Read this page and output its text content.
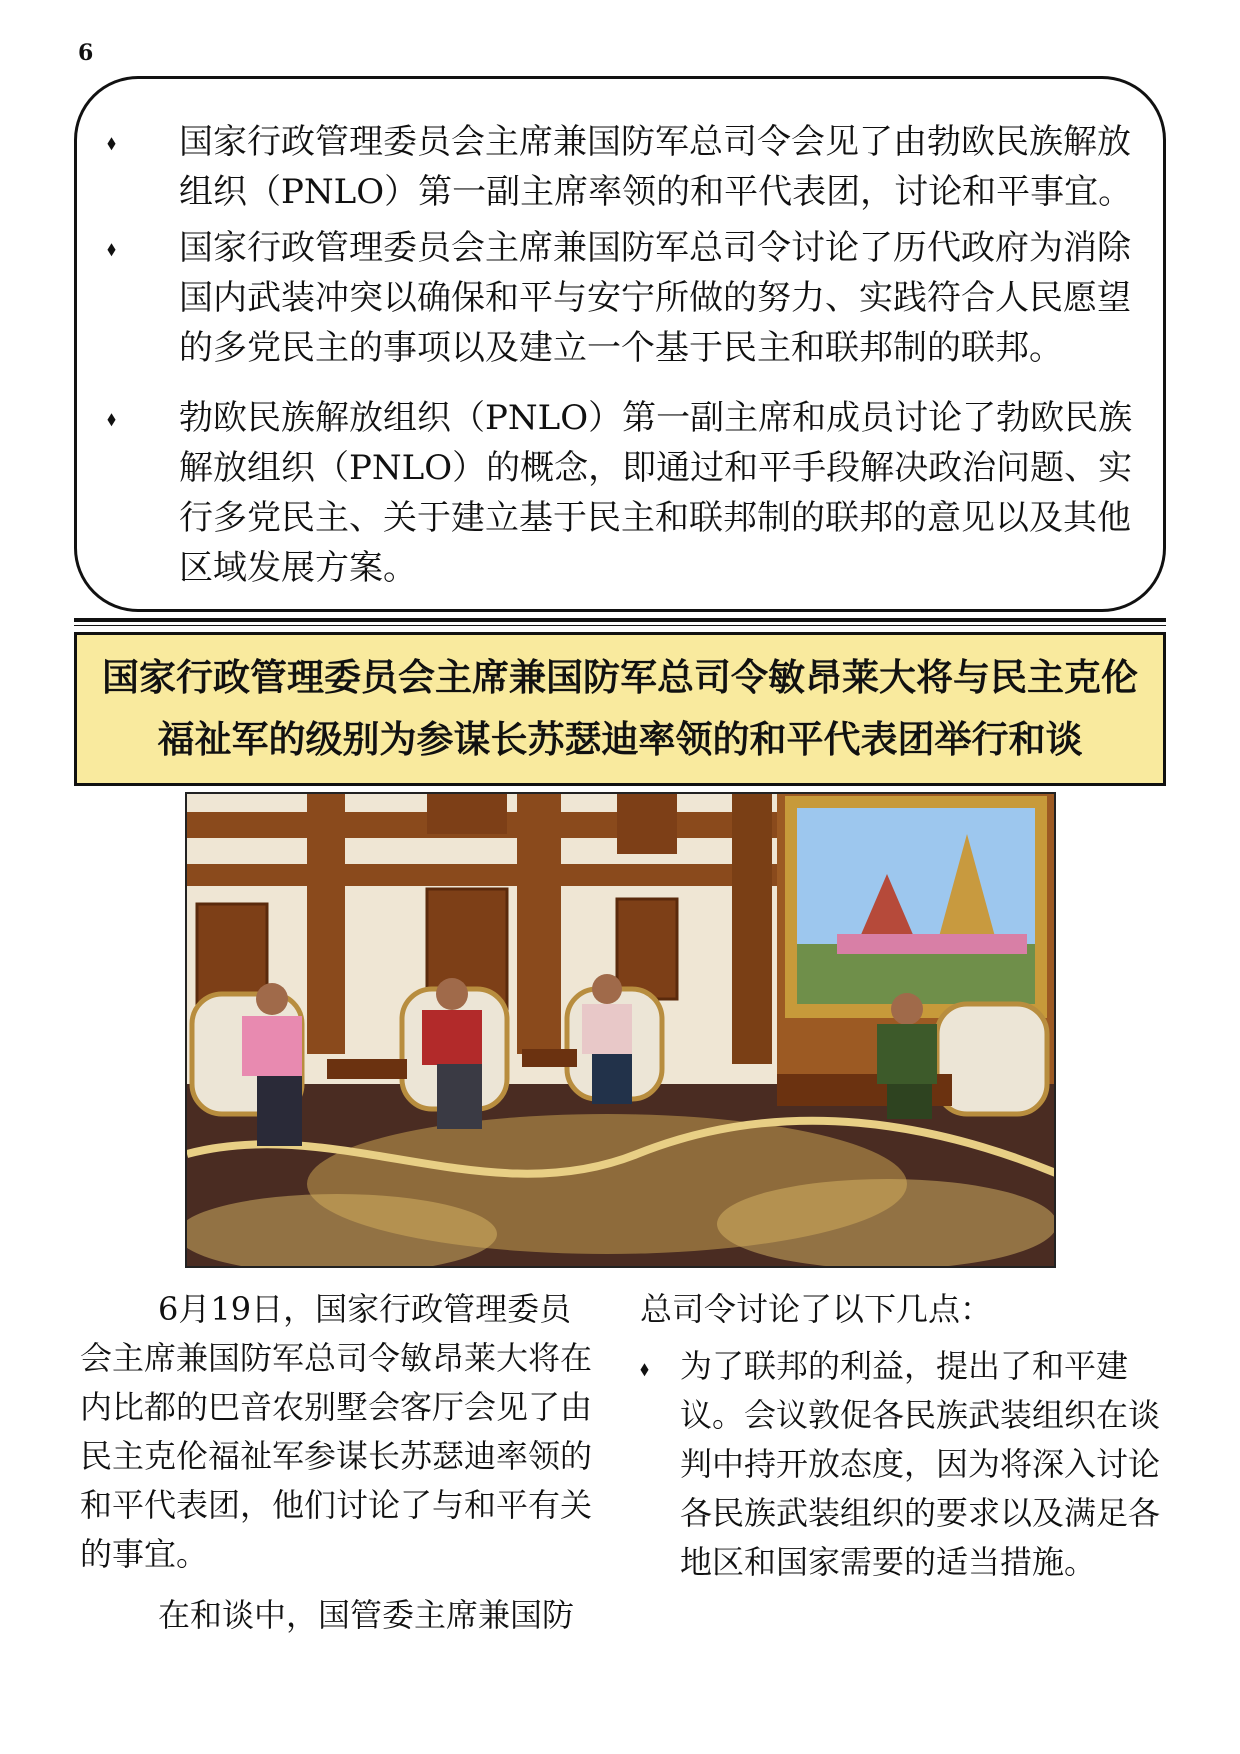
6
⬧ 国家行政管理委员会主席兼国防军总司令会见了由勃欧民族解放组织（PNLO）第一副主席率领的和平代表团，讨论和平事宜。
⬧ 国家行政管理委员会主席兼国防军总司令讨论了历代政府为消除国内武装冲突以确保和平与安宁所做的努力、实践符合人民愿望的多党民主的事项以及建立一个基于民主和联邦制的联邦。
⬧ 勃欧民族解放组织（PNLO）第一副主席和成员讨论了勃欧民族解放组织（PNLO）的概念，即通过和平手段解决政治问题、实行多党民主、关于建立基于民主和联邦制的联邦的意见以及其他区域发展方案。
国家行政管理委员会主席兼国防军总司令敏昂莱大将与民主克伦
福祉军的级别为参谋长苏瑟迪率领的和平代表团举行和谈

6月19日，国家行政管理委员会主席兼国防军总司令敏昂莱大将在内比都的巴音农别墅会客厅会见了由民主克伦福祉军参谋长苏瑟迪率领的和平代表团，他们讨论了与和平有关的事宜。

在和谈中，国管委主席兼国防

总司令讨论了以下几点：

⬧ 为了联邦的利益，提出了和平建议。会议敦促各民族武装组织在谈判中持开放态度，因为将深入讨论各民族武装组织的要求以及满足各地区和国家需要的适当措施。
